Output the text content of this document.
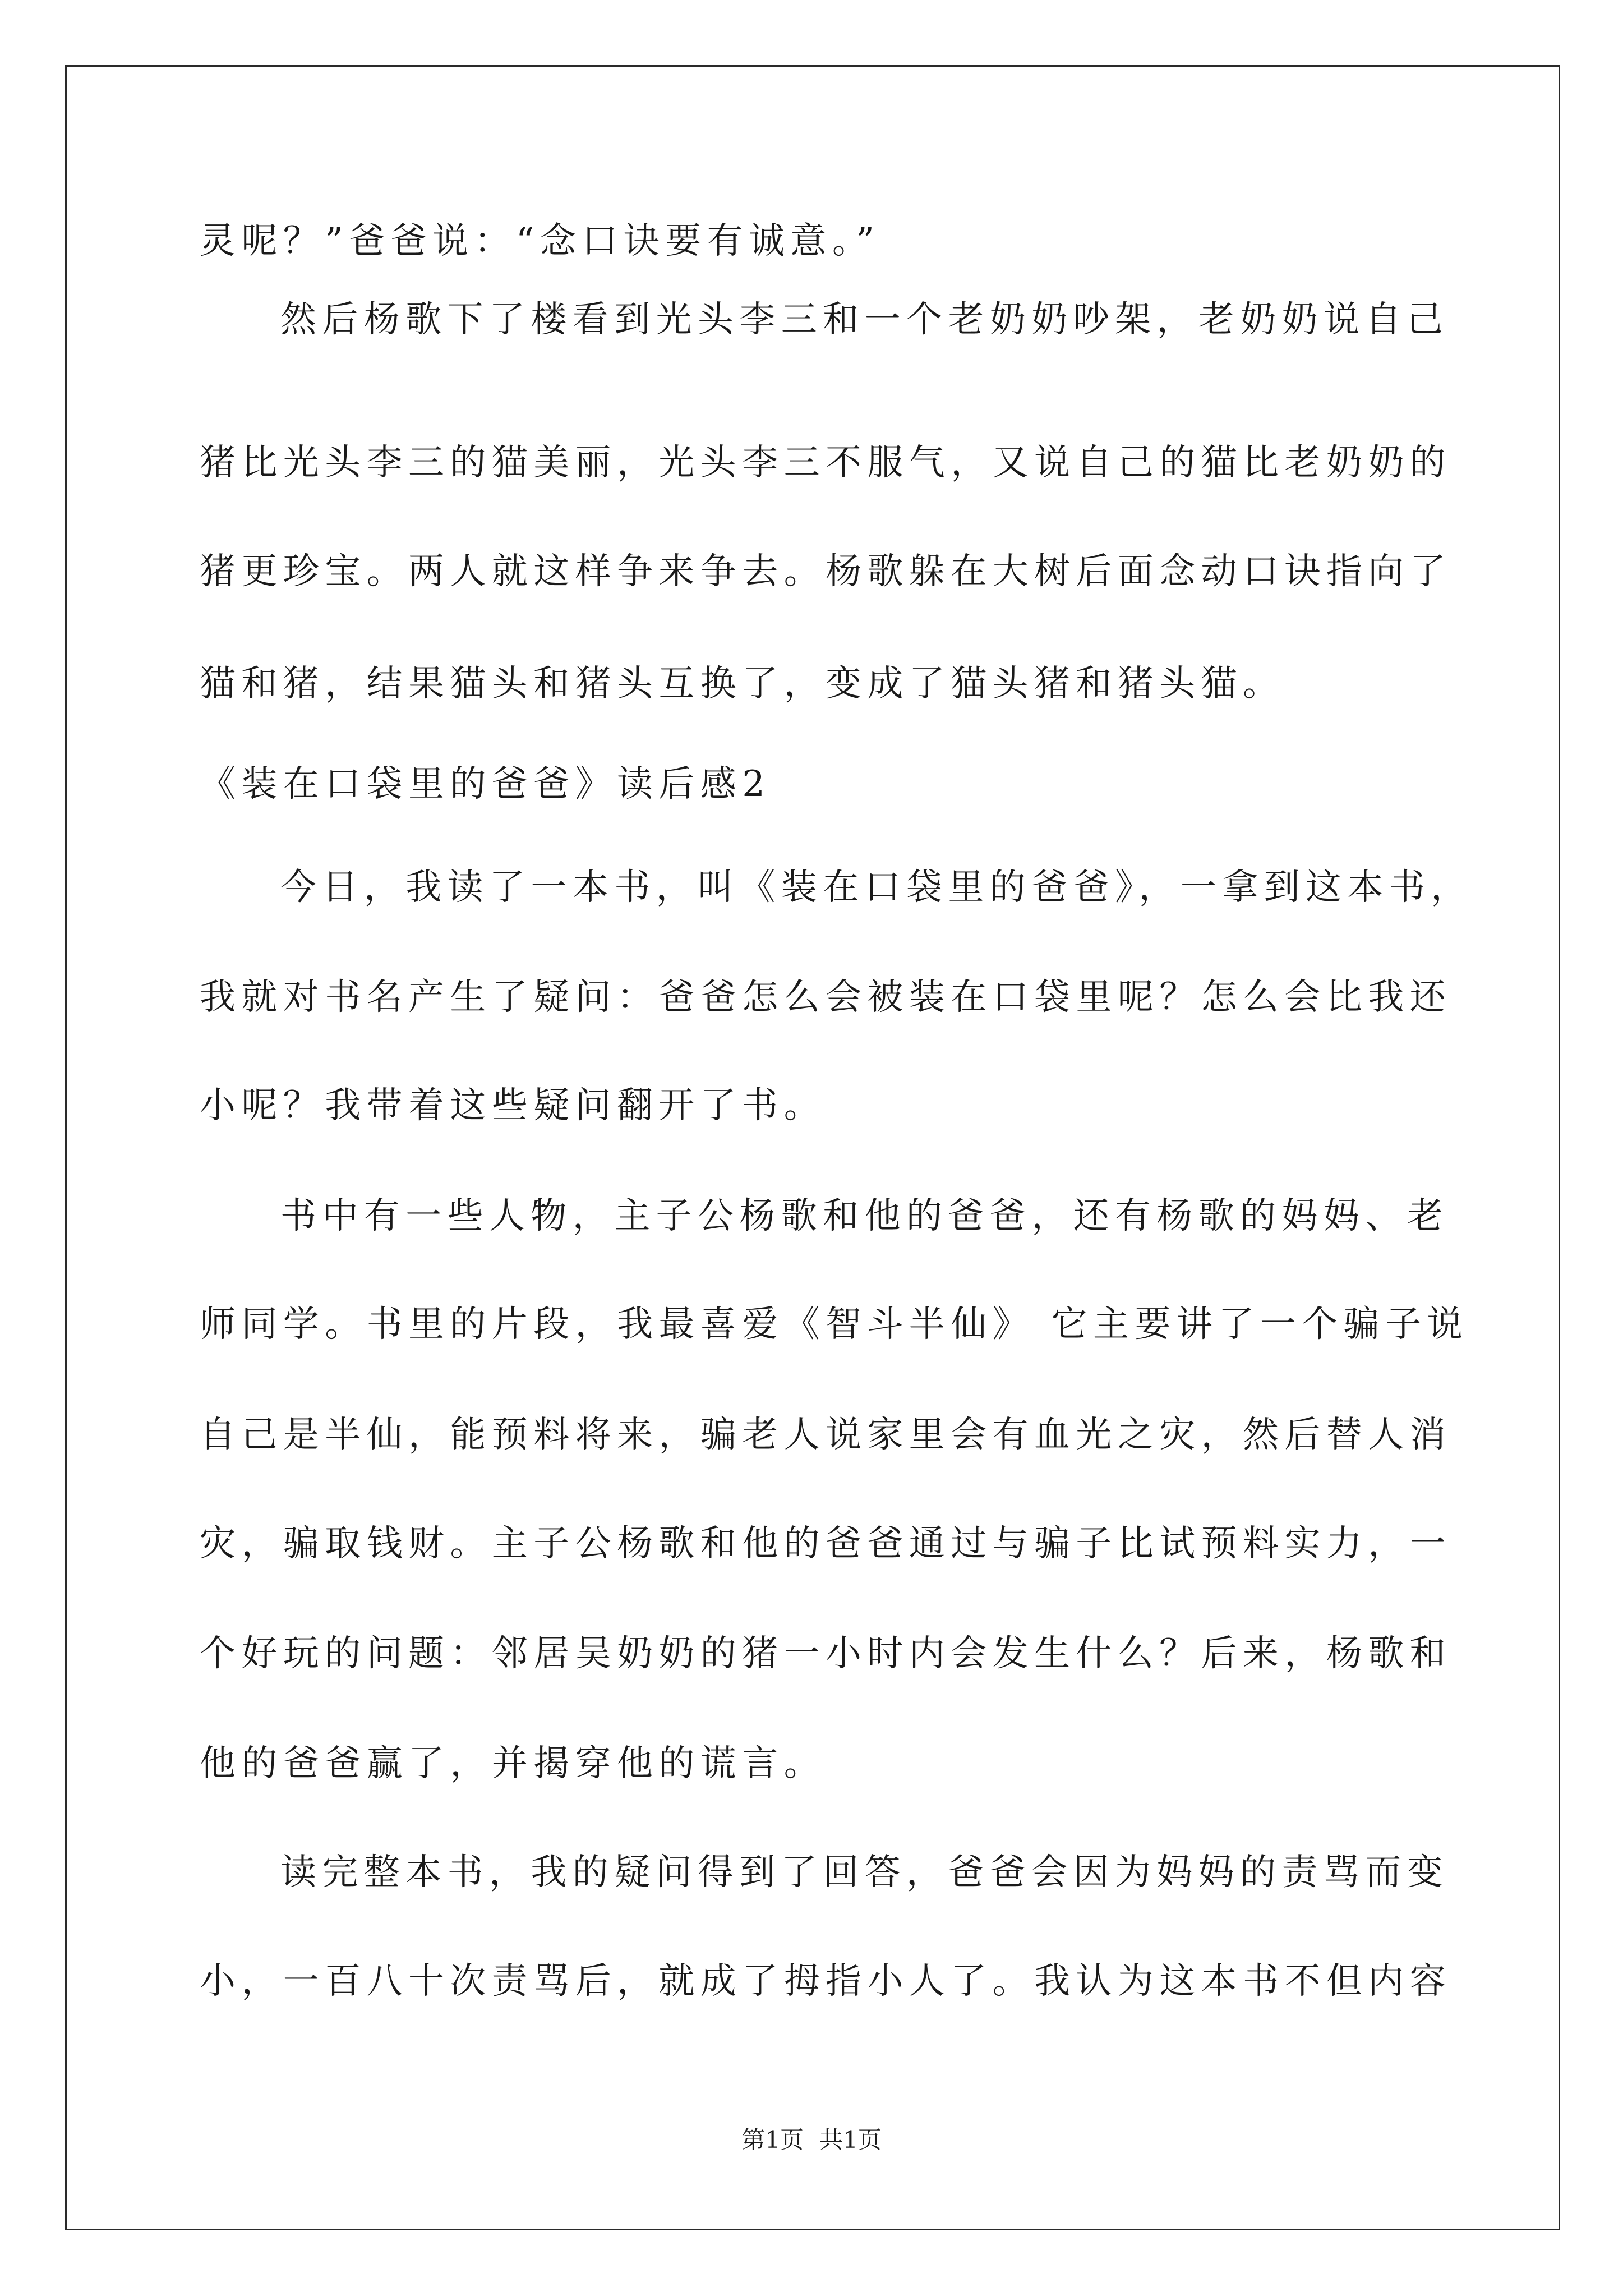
灵呢？”爸爸说：“念口诀要有诚意。”
然后杨歌下了楼看到光头李三和一个老奶奶吵架，老奶奶说自己
猪比光头李三的猫美丽，光头李三不服气，又说自己的猫比老奶奶的
猪更珍宝。两人就这样争来争去。杨歌躲在大树后面念动口诀指向了
猫和猪，结果猫头和猪头互换了，变成了猫头猪和猪头猫。
《装在口袋里的爸爸》读后感2
今日，我读了一本书，叫《装在口袋里的爸爸》，一拿到这本书，
我就对书名产生了疑问：爸爸怎么会被装在口袋里呢？怎么会比我还
小呢？我带着这些疑问翻开了书。
书中有一些人物，主子公杨歌和他的爸爸，还有杨歌的妈妈、老
师同学。书里的片段，我最喜爱《智斗半仙》 它主要讲了一个骗子说
自己是半仙，能预料将来，骗老人说家里会有血光之灾，然后替人消
灾，骗取钱财。主子公杨歌和他的爸爸通过与骗子比试预料实力，一
个好玩的问题：邻居吴奶奶的猪一小时内会发生什么？后来，杨歌和
他的爸爸赢了，并揭穿他的谎言。
读完整本书，我的疑问得到了回答，爸爸会因为妈妈的责骂而变
小，一百八十次责骂后，就成了拇指小人了。我认为这本书不但内容
第1页 共1页
